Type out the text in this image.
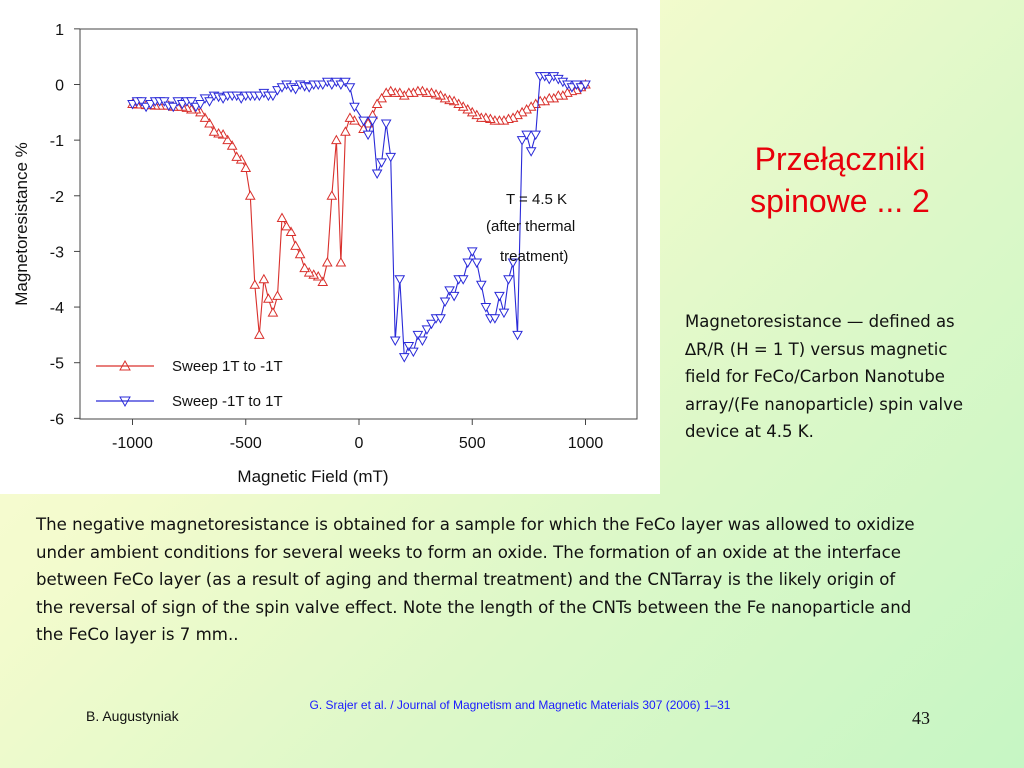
1
0
-1
-2
-3
-4
-5
-6
-1000	-500	0	500	1000
Magnetic Field (mT)
Magnetoresistance %	T = 4.5 K
(after thermal
treatment)
Sweep 1T to -1T
Sweep -1T to 1T
Przełączniki
spinowe ... 2
Magnetoresistance — defined as ∆R/R (H = 1 T) versus magnetic field for FeCo/Carbon Nanotube array/(Fe nanoparticle) spin valve device at 4.5 K.
The negative magnetoresistance is obtained for a sample for which the FeCo layer was allowed to oxidize under ambient conditions for several weeks to form an oxide. The formation of an oxide at the interface between FeCo layer (as a result of aging and thermal treatment) and the CNTarray is the likely origin of the reversal of sign of the spin valve effect. Note the length of the CNTs between the Fe nanoparticle and the FeCo layer is 7 mm..
G. Srajer et al. / Journal of Magnetism and Magnetic Materials 307 (2006) 1–31
B. Augustyniak	43
